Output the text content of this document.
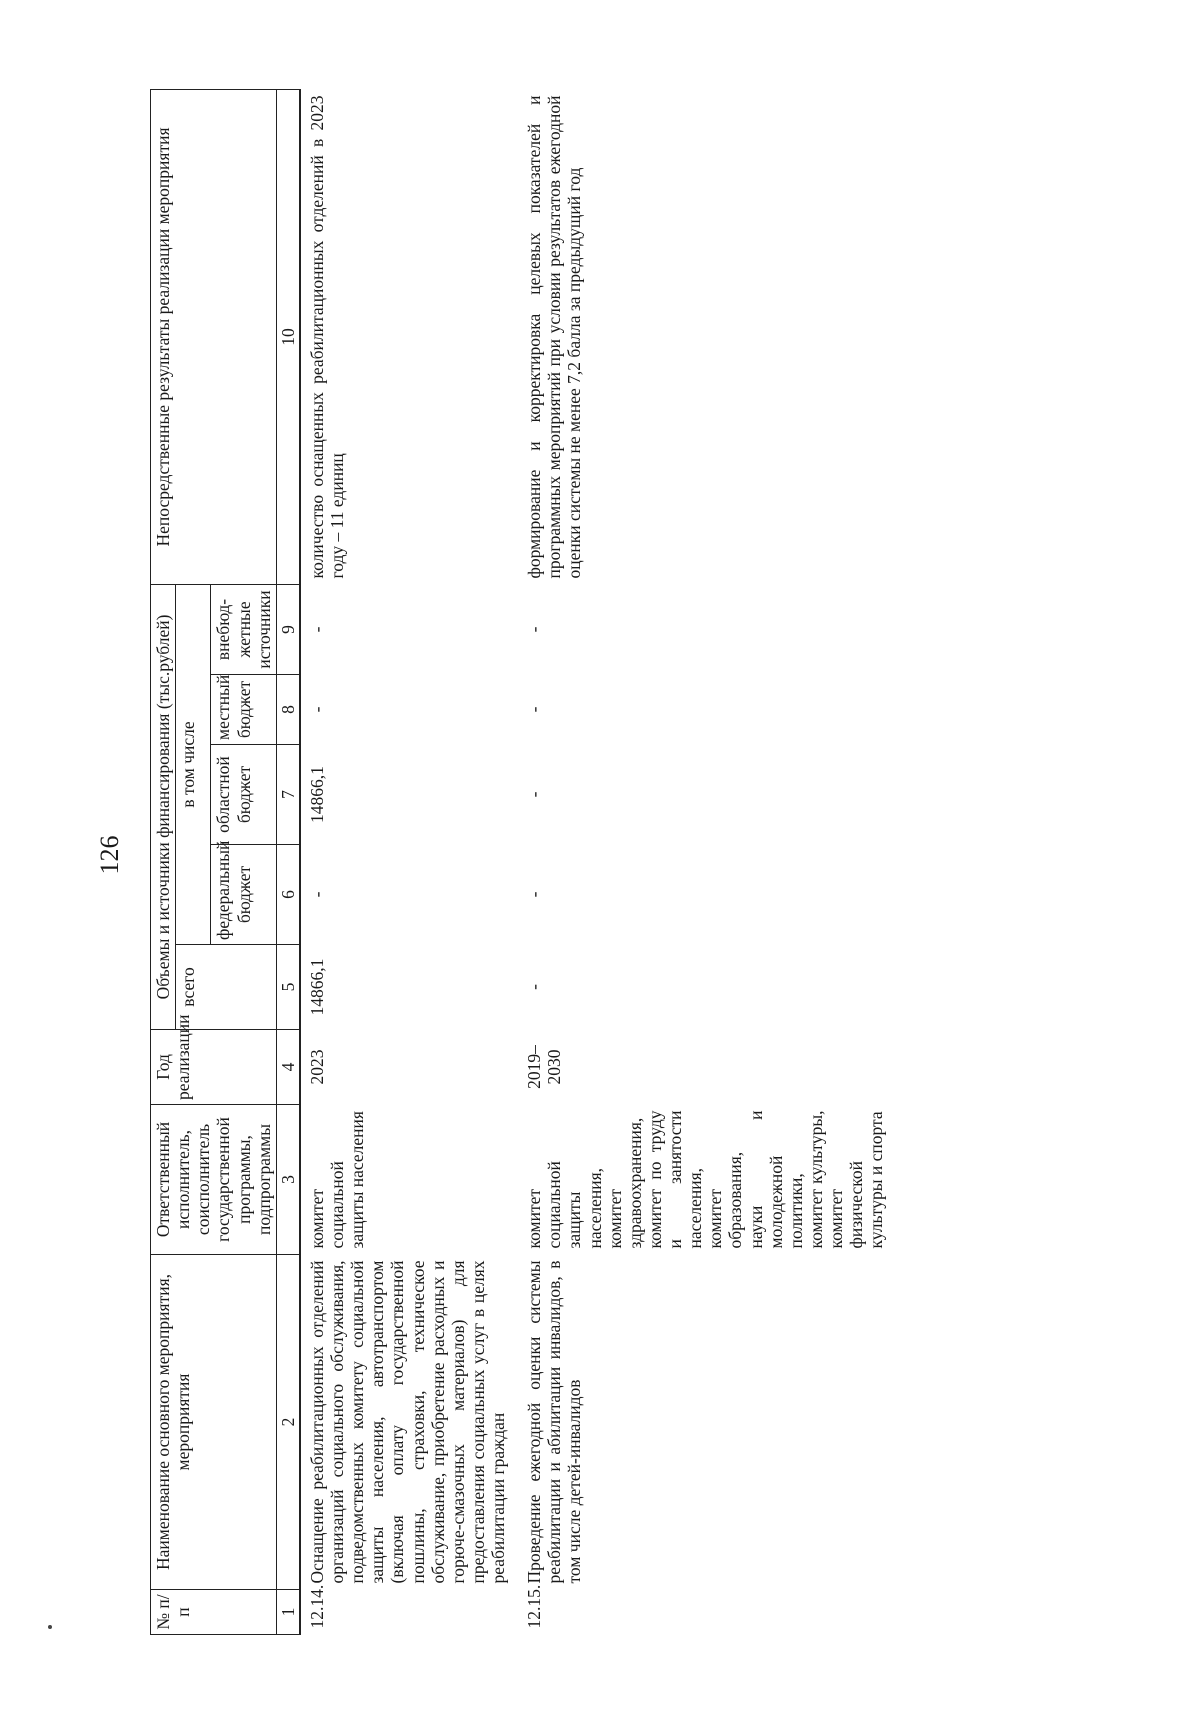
126
№ п/п	Наименование основного мероприятия, мероприятия	Ответственный исполнитель, соисполнитель государственной программы, подпрограммы	Год реализации	Объемы и источники финансирования (тыс.рублей)					Непосредственные результаты реализации мероприятия
				всего	в том числе				
					федеральный бюджет	областной бюджет	местный бюджет	внебюд-жетные источники	
1	2	3	4	5	6	7	8	9	10
12.14.	Оснащение реабилитационных отделений организаций социального обслуживания, подведомственных комитету социальной защиты населения, автотранспортом (включая оплату государственной пошлины, страховки, техническое обслуживание, приобретение расходных и горюче-смазочных материалов) для предоставления социальных услуг в целях реабилитации граждан	комитет социальной защиты населения	2023	14866,1	-	14866,1	-	-	количество оснащенных реабилитационных отделений в 2023 году – 11 единиц
12.15.	Проведение ежегодной оценки системы реабилитации и абилитации инвалидов, в том числе детей-инвалидов	комитет социальной защиты населения, комитет здравоохранения, комитет по труду и занятости населения, комитет образования, науки и молодежной политики, комитет культуры, комитет физической культуры и спорта	2019–2030	-	-	-	-	-	формирование и корректировка целевых показателей и программных мероприятий при условии результатов ежегодной оценки системы не менее 7,2 балла за предыдущий год
